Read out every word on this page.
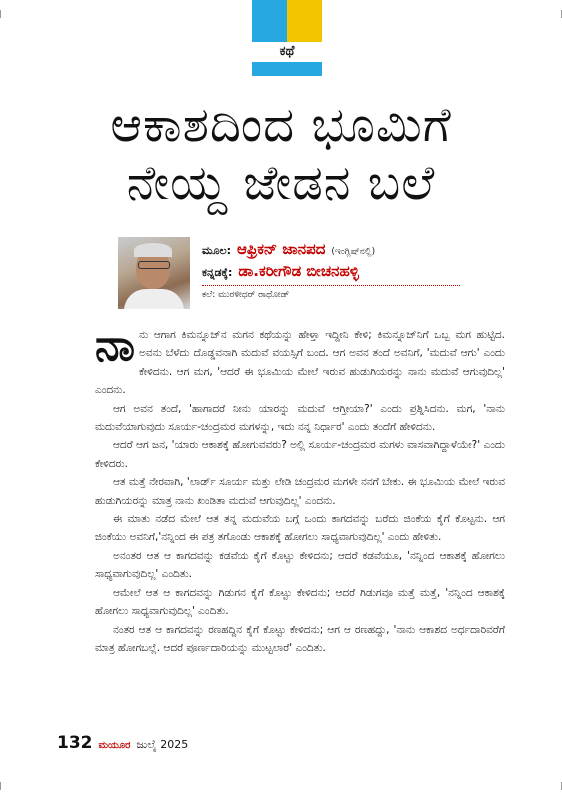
ಕಥೆ
ಆಕಾಶದಿಂದ ಭೂಮಿಗೆ
ನೇಯ್ದ ಜೇಡನ ಬಲೆ
ಮೂಲ: ಆಫ್ರಿಕನ್ ಜಾನಪದ (ಇಂಗ್ಲಿಷ್‌ನಲ್ಲಿ)
ಕನ್ನಡಕ್ಕೆ: ಡಾ.ಕರೀಗೌಡ ಬೀಚನಹಳ್ಳಿ
ಕಲೆ: ಮುರಳೀಧರ್ ರಾಥೋಡ್

ನಾನು ಆಗಾಗ ಕಿಮನ್ನೂಜ್‌ನ ಮಗನ ಕಥೆಯನ್ನು ಹೇಳ್ತಾ ಇದ್ದೀನಿ ಕೇಳಿ; ಕಿಮನ್ನೂಜ್‌ನಿಗೆ ಒಬ್ಬ ಮಗ ಹುಟ್ಟಿದ. ಅವನು ಬೆಳೆದು ದೊಡ್ಡವನಾಗಿ ಮದುವೆ ವಯಸ್ಸಿಗೆ ಬಂದ. ಆಗ ಅವನ ತಂದೆ ಅವನಿಗೆ, 'ಮದುವೆ ಆಗು' ಎಂದು ಕೇಳಿದನು. ಆಗ ಮಗ, 'ಆದರೆ ಈ ಭೂಮಿಯ ಮೇಲೆ ಇರುವ ಹುಡುಗಿಯರನ್ನು ನಾನು ಮದುವೆ ಆಗುವುದಿಲ್ಲ' ಎಂದನು.

ಆಗ ಅವನ ತಂದೆ, 'ಹಾಗಾದರೆ ನೀನು ಯಾರನ್ನು ಮದುವೆ ಆಗ್ತೀಯಾ?' ಎಂದು ಪ್ರಶ್ನಿಸಿದನು. ಮಗ, 'ನಾನು ಮದುವೆಯಾಗುವುದು ಸೂರ್ಯ-ಚಂದ್ರಮರ ಮಗಳನ್ನು, ಇದು ನನ್ನ ನಿರ್ಧಾರ' ಎಂದು ತಂದೆಗೆ ಹೇಳಿದನು.

ಆದರೆ ಆಗ ಜನ, 'ಯಾರು ಆಕಾಶಕ್ಕೆ ಹೋಗುವವರು? ಅಲ್ಲಿ ಸೂರ್ಯ-ಚಂದ್ರಮರ ಮಗಳು ವಾಸವಾಗಿದ್ದಾಳೆಯೇ?' ಎಂದು ಕೇಳಿದರು.

ಆತ ಮತ್ತೆ ನೇರವಾಗಿ, 'ಲಾರ್ಡ್ ಸೂರ್ಯ ಮತ್ತು ಲೇಡಿ ಚಂದ್ರಮರ ಮಗಳೇ ನನಗೆ ಬೇಕು. ಈ ಭೂಮಿಯ ಮೇಲೆ ಇರುವ ಹುಡುಗಿಯರನ್ನು ಮಾತ್ರ ನಾನು ಖಂಡಿತಾ ಮದುವೆ ಆಗುವುದಿಲ್ಲ' ಎಂದನು.

ಈ ಮಾತು ನಡೆದ ಮೇಲೆ ಆತ ತನ್ನ ಮದುವೆಯ ಬಗ್ಗೆ ಒಂದು ಕಾಗದವನ್ನು ಬರೆದು ಜಿಂಕೆಯ ಕೈಗೆ ಕೊಟ್ಟನು. ಆಗ ಜಿಂಕೆಯು ಅವನಿಗೆ,'ನನ್ನಿಂದ ಈ ಪತ್ರ ತಗೊಂಡು ಆಕಾಶಕ್ಕೆ ಹೋಗಲು ಸಾಧ್ಯವಾಗುವುದಿಲ್ಲ' ಎಂದು ಹೇಳಿತು.

ಅನಂತರ ಆತ ಆ ಕಾಗದವನ್ನು ಕಡವೆಯ ಕೈಗೆ ಕೊಟ್ಟು ಕೇಳಿದನು; ಆದರೆ ಕಡವೆಯೂ, 'ನನ್ನಿಂದ ಆಕಾಶಕ್ಕೆ ಹೋಗಲು ಸಾಧ್ಯವಾಗುವುದಿಲ್ಲ' ಎಂದಿತು.

ಆಮೇಲೆ ಆತ ಆ ಕಾಗದವನ್ನು ಗಿಡುಗನ ಕೈಗೆ ಕೊಟ್ಟು ಕೇಳಿದನು; ಆದರೆ ಗಿಡುಗವೂ ಮತ್ತೆ ಮತ್ತೆ, 'ನನ್ನಿಂದ ಆಕಾಶಕ್ಕೆ ಹೋಗಲು ಸಾಧ್ಯವಾಗುವುದಿಲ್ಲ' ಎಂದಿತು.

ನಂತರ ಆತ ಆ ಕಾಗದವನ್ನು ರಣಹದ್ದಿನ ಕೈಗೆ ಕೊಟ್ಟು ಕೇಳಿದನು; ಆಗ ಆ ರಣಹದ್ದು, 'ನಾನು ಆಕಾಶದ ಅರ್ಧದಾರಿವರೆಗೆ ಮಾತ್ರ ಹೋಗಬಲ್ಲೆ. ಆದರೆ ಪೂರ್ಣದಾರಿಯನ್ನು ಮುಟ್ಟಲಾರೆ' ಎಂದಿತು.

132 ಮಯೂರ ಜುಲೈ 2025
